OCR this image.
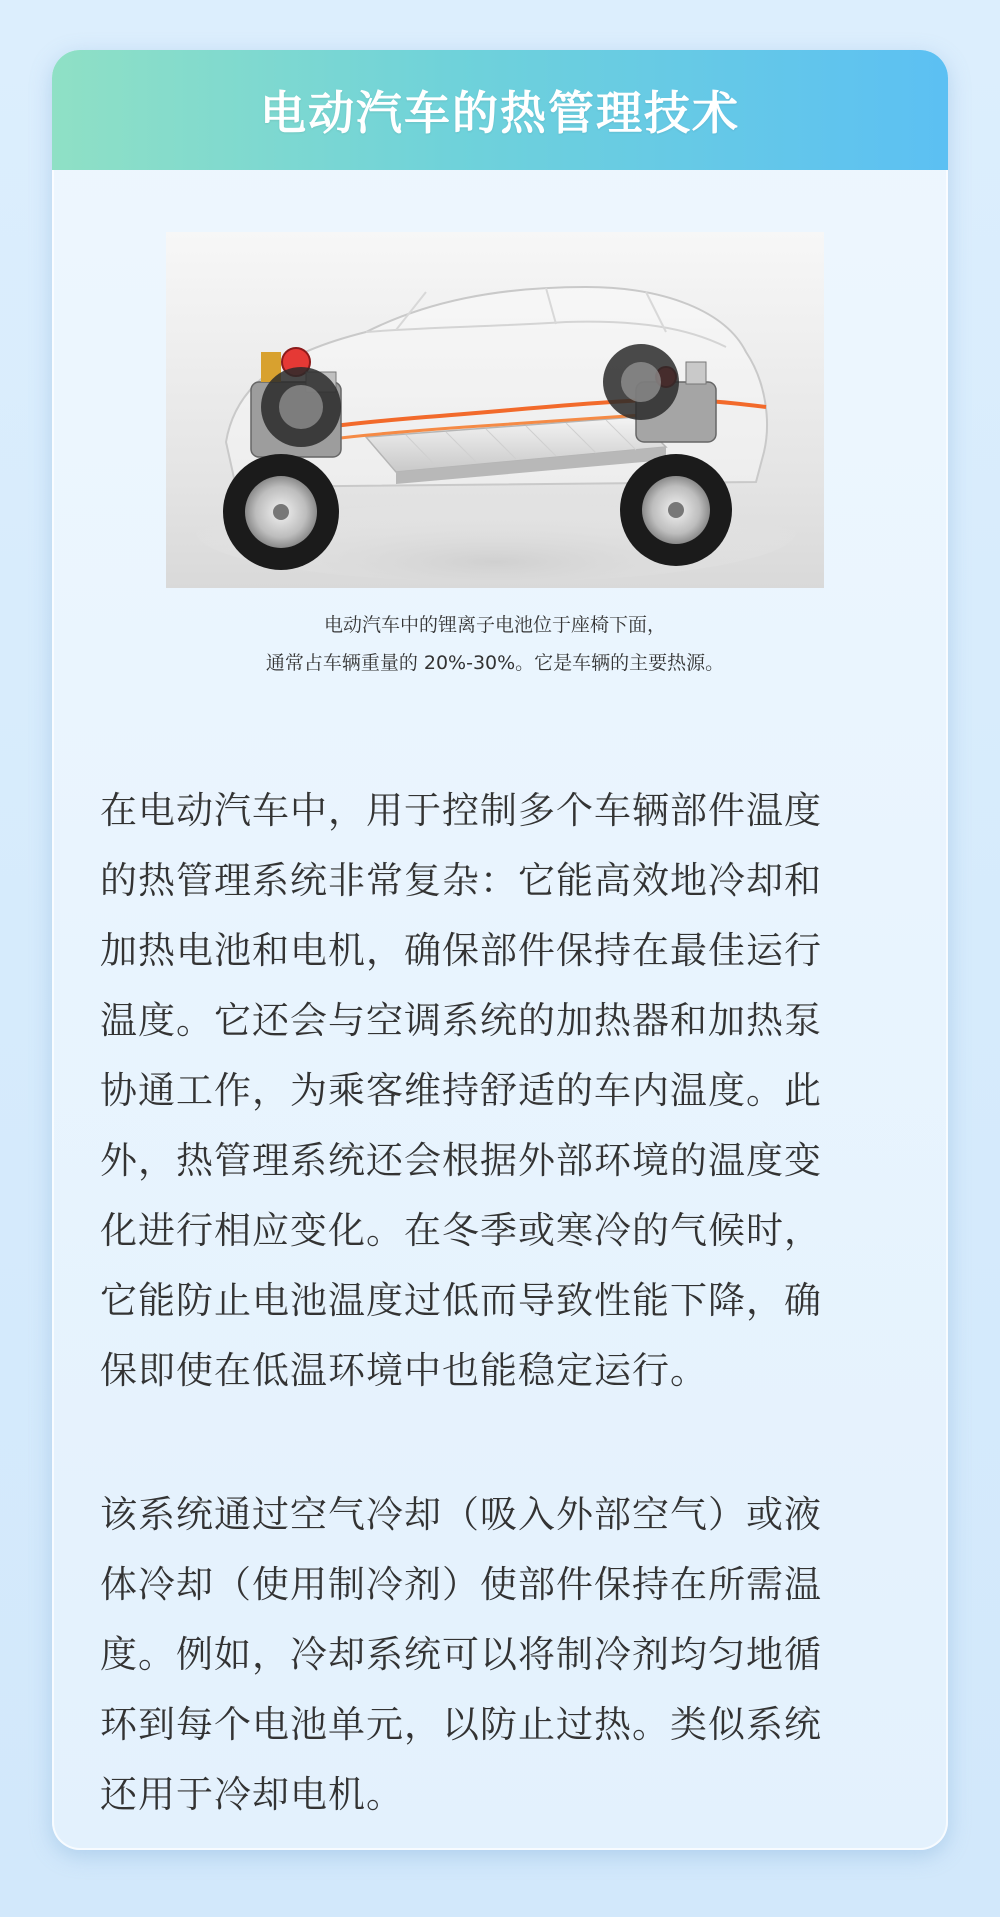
电动汽车的热管理技术
电动汽车中的锂离子电池位于座椅下面，
通常占车辆重量的 20%-30%。它是车辆的主要热源。
在电动汽车中，用于控制多个车辆部件温度
的热管理系统非常复杂：它能高效地冷却和
加热电池和电机，确保部件保持在最佳运行
温度。它还会与空调系统的加热器和加热泵
协通工作，为乘客维持舒适的车内温度。此
外，热管理系统还会根据外部环境的温度变
化进行相应变化。在冬季或寒冷的气候时，
它能防止电池温度过低而导致性能下降，确
保即使在低温环境中也能稳定运行。
该系统通过空气冷却（吸入外部空气）或液
体冷却（使用制冷剂）使部件保持在所需温
度。例如，冷却系统可以将制冷剂均匀地循
环到每个电池单元，以防止过热。类似系统
还用于冷却电机。
